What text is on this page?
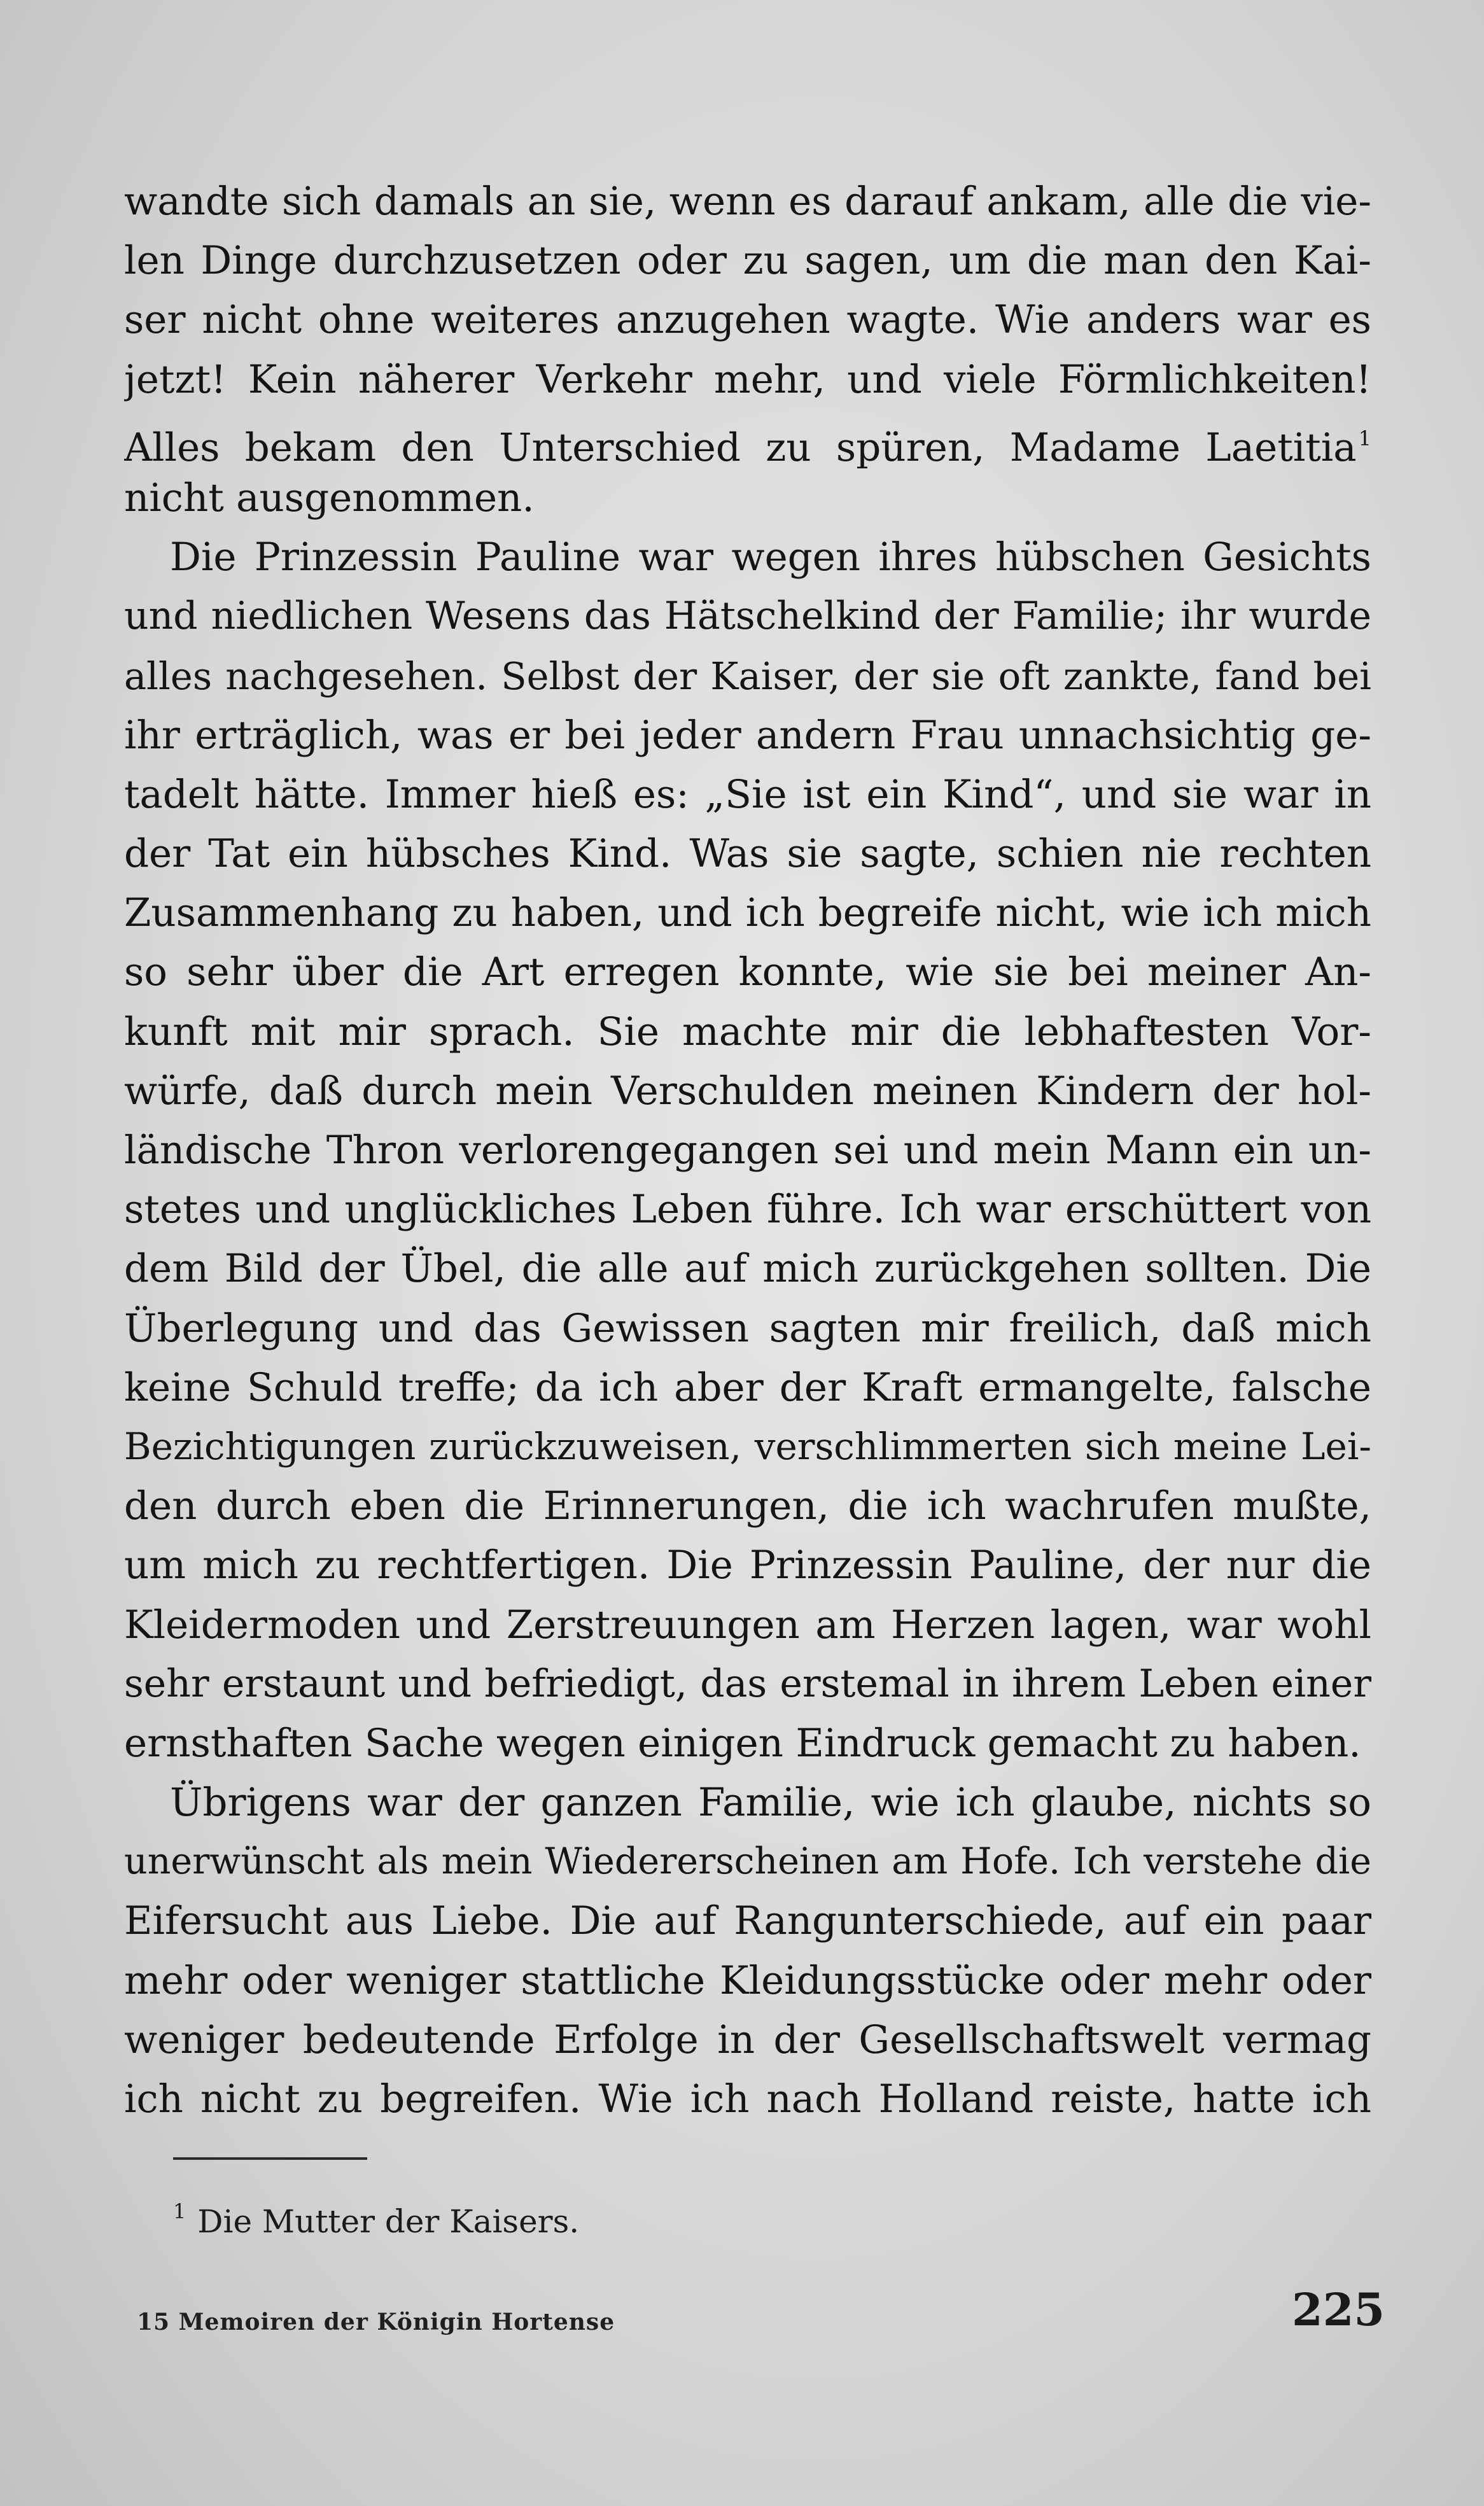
wandte sich damals an sie, wenn es darauf ankam, alle die vie-
len Dinge durchzusetzen oder zu sagen, um die man den Kai-
ser nicht ohne weiteres anzugehen wagte. Wie anders war es
jetzt! Kein näherer Verkehr mehr, und viele Förmlichkeiten!
Alles bekam den Unterschied zu spüren, Madame Laetitia$^1$
nicht ausgenommen.
Die Prinzessin Pauline war wegen ihres hübschen Gesichts
und niedlichen Wesens das Hätschelkind der Familie; ihr wurde
alles nachgesehen. Selbst der Kaiser, der sie oft zankte, fand bei
ihr erträglich, was er bei jeder andern Frau unnachsichtig ge-
tadelt hätte. Immer hieß es: „Sie ist ein Kind“, und sie war in
der Tat ein hübsches Kind. Was sie sagte, schien nie rechten
Zusammenhang zu haben, und ich begreife nicht, wie ich mich
so sehr über die Art erregen konnte, wie sie bei meiner An-
kunft mit mir sprach. Sie machte mir die lebhaftesten Vor-
würfe, daß durch mein Verschulden meinen Kindern der hol-
ländische Thron verlorengegangen sei und mein Mann ein un-
stetes und unglückliches Leben führe. Ich war erschüttert von
dem Bild der Übel, die alle auf mich zurückgehen sollten. Die
Überlegung und das Gewissen sagten mir freilich, daß mich
keine Schuld treffe; da ich aber der Kraft ermangelte, falsche
Bezichtigungen zurückzuweisen, verschlimmerten sich meine Lei-
den durch eben die Erinnerungen, die ich wachrufen mußte,
um mich zu rechtfertigen. Die Prinzessin Pauline, der nur die
Kleidermoden und Zerstreuungen am Herzen lagen, war wohl
sehr erstaunt und befriedigt, das erstemal in ihrem Leben einer
ernsthaften Sache wegen einigen Eindruck gemacht zu haben.
Übrigens war der ganzen Familie, wie ich glaube, nichts so
unerwünscht als mein Wiedererscheinen am Hofe. Ich verstehe die
Eifersucht aus Liebe. Die auf Rangunterschiede, auf ein paar
mehr oder weniger stattliche Kleidungsstücke oder mehr oder
weniger bedeutende Erfolge in der Gesellschaftswelt vermag
ich nicht zu begreifen. Wie ich nach Holland reiste, hatte ich
$^1$ Die Mutter der Kaisers.
15 Memoiren der Königin Hortense	225
